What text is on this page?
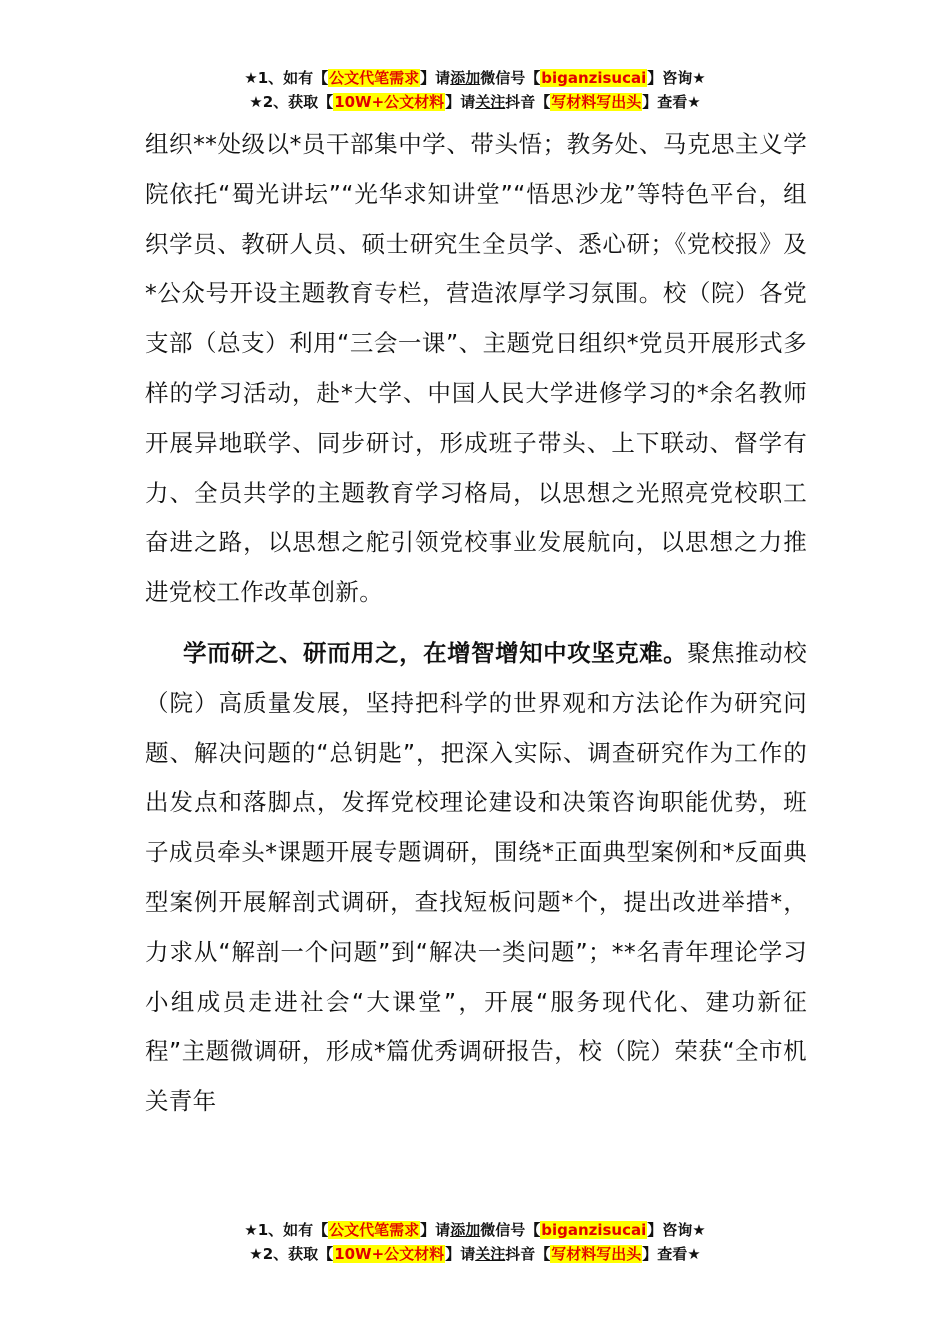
★1、如有【公文代笔需求】请添加微信号【biganzisucai】咨询★
★2、获取【10W+公文材料】请关注抖音【写材料写出头】查看★

组织**处级以*员干部集中学、带头悟；教务处、马克思主义学院依托“蜀光讲坛”“光华求知讲堂”“悟思沙龙”等特色平台，组织学员、教研人员、硕士研究生全员学、悉心研；《党校报》及*公众号开设主题教育专栏，营造浓厚学习氛围。校（院）各党支部（总支）利用“三会一课”、主题党日组织*党员开展形式多样的学习活动，赴*大学、中国人民大学进修学习的*余名教师开展异地联学、同步研讨，形成班子带头、上下联动、督学有力、全员共学的主题教育学习格局，以思想之光照亮党校职工奋进之路，以思想之舵引领党校事业发展航向，以思想之力推进党校工作改革创新。

学而研之、研而用之，在增智增知中攻坚克难。聚焦推动校（院）高质量发展，坚持把科学的世界观和方法论作为研究问题、解决问题的“总钥匙”，把深入实际、调查研究作为工作的出发点和落脚点，发挥党校理论建设和决策咨询职能优势，班子成员牵头*课题开展专题调研，围绕*正面典型案例和*反面典型案例开展解剖式调研，查找短板问题*个，提出改进举措*，力求从“解剖一个问题”到“解决一类问题”；**名青年理论学习小组成员走进社会“大课堂”，开展“服务现代化、建功新征程”主题微调研，形成*篇优秀调研报告，校（院）荣获“全市机关青年

★1、如有【公文代笔需求】请添加微信号【biganzisucai】咨询★
★2、获取【10W+公文材料】请关注抖音【写材料写出头】查看★
